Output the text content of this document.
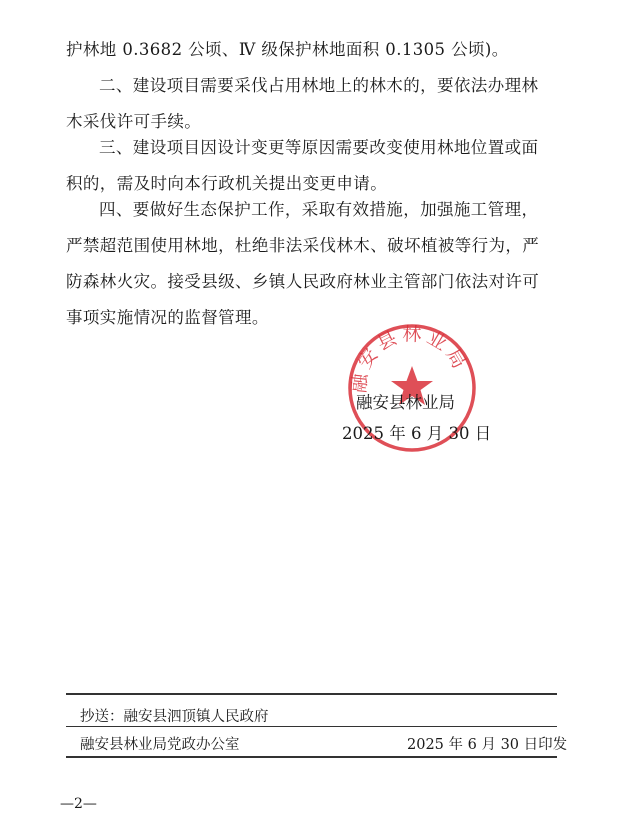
护林地 0.3682 公顷、Ⅳ 级保护林地面积 0.1305 公顷)。

二、建设项目需要采伐占用林地上的林木的，要依法办理林
木采伐许可手续。

三、建设项目因设计变更等原因需要改变使用林地位置或面
积的，需及时向本行政机关提出变更申请。

四、要做好生态保护工作，采取有效措施，加强施工管理，
严禁超范围使用林地，杜绝非法采伐林木、破坏植被等行为，严
防森林火灾。接受县级、乡镇人民政府林业主管部门依法对许可
事项实施情况的监督管理。

融安县林业局
融安县林业局
2025 年 6 月 30 日
抄送：融安县泗顶镇人民政府
融安县林业局党政办公室	2025 年 6 月 30 日印发
—2—
